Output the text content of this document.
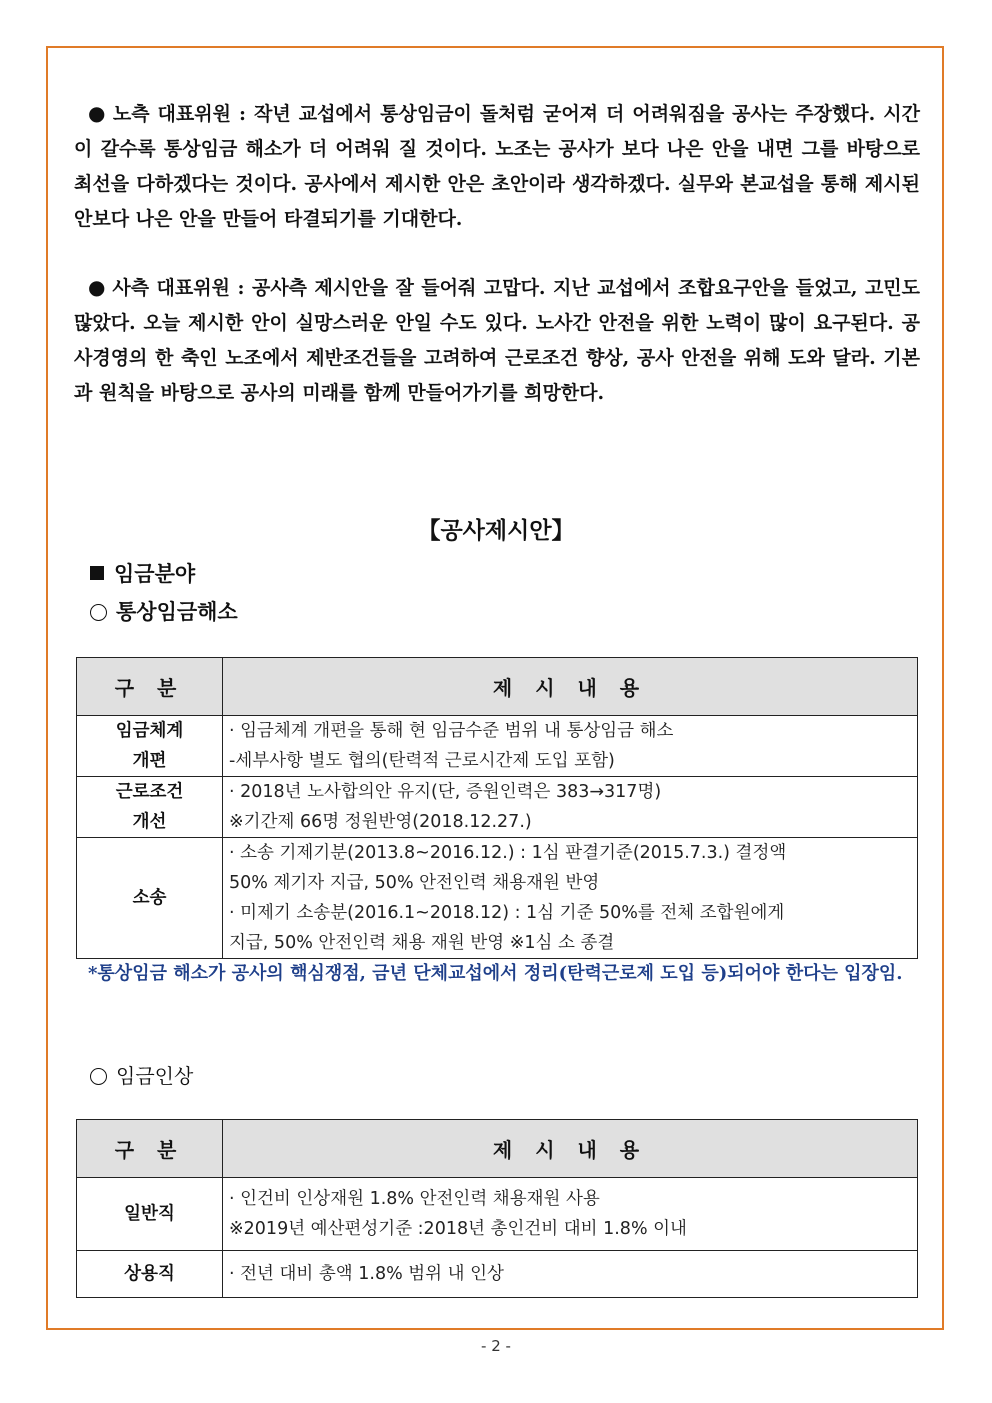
● 노측 대표위원 : 작년 교섭에서 통상임금이 돌처럼 굳어져 더 어려워짐을 공사는 주장했다. 시간이 갈수록 통상임금 해소가 더 어려워 질 것이다. 노조는 공사가 보다 나은 안을 내면 그를 바탕으로 최선을 다하겠다는 것이다. 공사에서 제시한 안은 초안이라 생각하겠다. 실무와 본교섭을 통해 제시된 안보다 나은 안을 만들어 타결되기를 기대한다.
● 사측 대표위원 : 공사측 제시안을 잘 들어줘 고맙다. 지난 교섭에서 조합요구안을 들었고, 고민도 많았다. 오늘 제시한 안이 실망스러운 안일 수도 있다. 노사간 안전을 위한 노력이 많이 요구된다. 공사경영의 한 축인 노조에서 제반조건들을 고려하여 근로조건 향상, 공사 안전을 위해 도와 달라. 기본과 원칙을 바탕으로 공사의 미래를 함께 만들어가기를 희망한다.
【공사제시안】
임금분야
통상임금해소
구 분	제 시 내 용
임금체계
개편	· 임금체계 개편을 통해 현 임금수준 범위 내 통상임금 해소
-세부사항 별도 협의(탄력적 근로시간제 도입 포함)
근로조건
개선	· 2018년 노사합의안 유지(단, 증원인력은 383→317명)
※기간제 66명 정원반영(2018.12.27.)
소송	· 소송 기제기분(2013.8~2016.12.) : 1심 판결기준(2015.7.3.) 결정액
50% 제기자 지급, 50% 안전인력 채용재원 반영
· 미제기 소송분(2016.1~2018.12) : 1심 기준 50%를 전체 조합원에게
지급, 50% 안전인력 채용 재원 반영 ※1심 소 종결
*통상임금 해소가 공사의 핵심쟁점, 금년 단체교섭에서 정리(탄력근로제 도입 등)되어야 한다는 입장임.
임금인상
구 분	제 시 내 용
일반직	· 인건비 인상재원 1.8% 안전인력 채용재원 사용
※2019년 예산편성기준 :2018년 총인건비 대비 1.8% 이내
상용직	· 전년 대비 총액 1.8% 범위 내 인상
- 2 -
